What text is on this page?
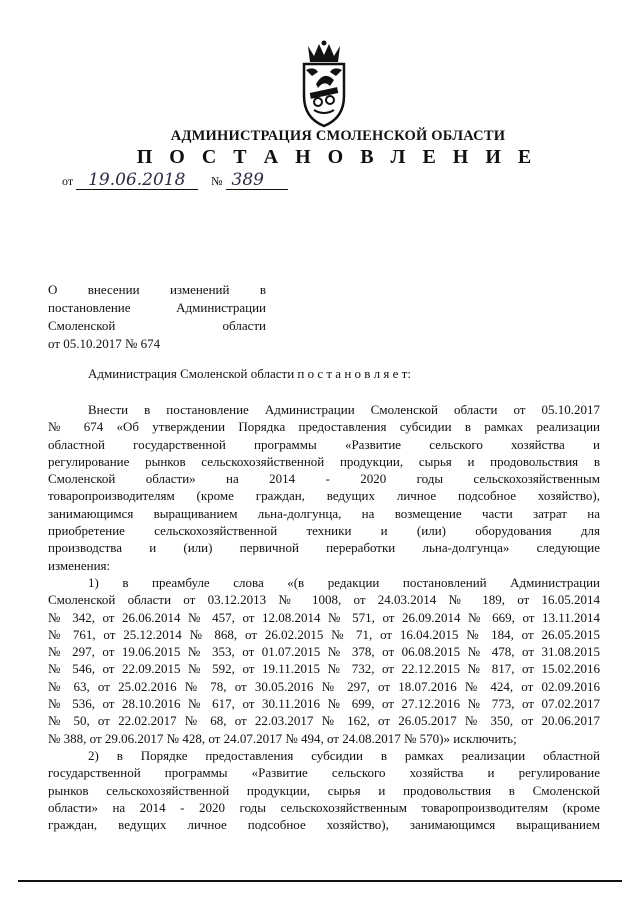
АДМИНИСТРАЦИЯ СМОЛЕНСКОЙ ОБЛАСТИ
П О С Т А Н О В Л Е Н И Е
от 19.06.2018 № 389
О внесении изменений в
постановление Администрации
Смоленской области
от 05.10.2017 № 674
Администрация Смоленской области п о с т а н о в л я е т:
Внести в постановление Администрации Смоленской области от 05.10.2017
№ 674 «Об утверждении Порядка предоставления субсидии в рамках реализации
областной государственной программы «Развитие сельского хозяйства и
регулирование рынков сельскохозяйственной продукции, сырья и продовольствия в
Смоленской области» на 2014 - 2020 годы сельскохозяйственным
товаропроизводителям (кроме граждан, ведущих личное подсобное хозяйство),
занимающимся выращиванием льна-долгунца, на возмещение части затрат на
приобретение сельскохозяйственной техники и (или) оборудования для
производства и (или) первичной переработки льна-долгунца» следующие
изменения:
1) в преамбуле слова «(в редакции постановлений Администрации
Смоленской области от 03.12.2013 № 1008, от 24.03.2014 № 189, от 16.05.2014
№ 342, от 26.06.2014 № 457, от 12.08.2014 № 571, от 26.09.2014 № 669, от 13.11.2014
№ 761, от 25.12.2014 № 868, от 26.02.2015 № 71, от 16.04.2015 № 184, от 26.05.2015
№ 297, от 19.06.2015 № 353, от 01.07.2015 № 378, от 06.08.2015 № 478, от 31.08.2015
№ 546, от 22.09.2015 № 592, от 19.11.2015 № 732, от 22.12.2015 № 817, от 15.02.2016
№ 63, от 25.02.2016 № 78, от 30.05.2016 № 297, от 18.07.2016 № 424, от 02.09.2016
№ 536, от 28.10.2016 № 617, от 30.11.2016 № 699, от 27.12.2016 № 773, от 07.02.2017
№ 50, от 22.02.2017 № 68, от 22.03.2017 № 162, от 26.05.2017 № 350, от 20.06.2017
№ 388, от 29.06.2017 № 428, от 24.07.2017 № 494, от 24.08.2017 № 570)» исключить;
2) в Порядке предоставления субсидии в рамках реализации областной
государственной программы «Развитие сельского хозяйства и регулирование
рынков сельскохозяйственной продукции, сырья и продовольствия в Смоленской
области» на 2014 - 2020 годы сельскохозяйственным товаропроизводителям (кроме
граждан, ведущих личное подсобное хозяйство), занимающимся выращиванием
